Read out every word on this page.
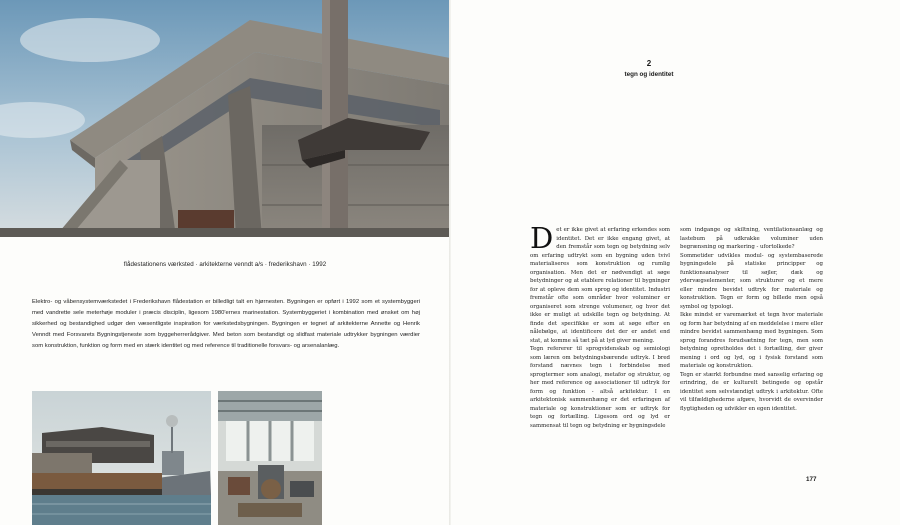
flådestationens værksted · arkitekterne venndt a/s · frederikshavn · 1992
Elektro- og våbensystemværkstedet i Frederikshavn flådestation er billedligt talt en hjørnesten. Bygningen er opført i 1992 som et systembyggeri med vandrette sele meterhøje moduler i præcis disciplin, ligesom 1980'ernes marinestation. Systembyggeriet i kombination med ønsket om høj sikkerhed og bestandighed udgør den væsentligste inspiration for værkstedsbygningen. Bygningen er tegnet af arkitekterne Annette og Henrik Venndt med Forsvarets Bygningstjeneste som byggeherrerådgiver. Med beton som bestandigt og slidfast materiale udtrykker bygningen værdier som konstruktion, funktion og form med en stærk identitet og med reference til traditionelle forsvars- og arsenalanlæg.
2
tegn og identitet
D et er ikke givet at erfaring erkendes som identitet. Det er ikke engang givet, at den fremstår som tegn og betydning selv om erfaring udtrykt som en bygning uden tvivl materialiseres som konstruktion og rumlig organisation. Men det er nødvendigt at søge betydninger og at etablere relationer til bygninger for at opleve dem som sprog og identitet. Industri fremstår ofte som områder hvor voluminer er organiseret som strenge volumener, og hvor det ikke er muligt at udskille tegn og betydning. At finde det specifikke er som at søge efter en nålebølge, at identificere det der er andet end stat, at komme så tæt på at lyd giver mening.

Tegn refererer til sprogvidenskab og semiologi som læren om betydningsbærende udtryk. I bred forstand nævnes tegn i forbindelse med sprogtermer som analogi, metafor og struktur, og her med reference og associationer til udtryk for form og funktion - altså arkitektur. I en arkitektonisk sammenhæng er det erfaringen af materiale og konstruktioner som er udtryk for tegn og fortælling. Ligesom ord og lyd er sammensat til tegn og betydning er bygningsdele

som indgange og skiltning, ventilationsanlæg og lastebum på udkrakke voluminer uden begrænsning og markering - ufortolkede?

Sommetider udvikles modul- og systembaserede bygningsdele på statiske principper og funktionsanalyser til søjler, dæk og ydervægselementer, som strukturer og et mere eller mindre bevidst udtryk for materiale og konstruktion. Tegn er form og billede men også symbol og typologi.

Ikke mindst er varemærket et tegn hvor materiale og form har betydning af en meddelelse i mere eller mindre bevidst sammenhæng med bygningen. Som sprog forandres forudsætning for tegn, men som betydning opretholdes det i fortælling, der giver mening i ord og lyd, og i fysisk forstand som materiale og konstruktion.

Tegn er stærkt forbundne med sanselig erfaring og erindring, de er kulturelt betingede og opstår identitet som selvstændigt udtryk i arkitektur. Ofte vil tilfældighederne afgøre, hvorvidt de overvinder flygtigheden og udvikler en egen identitet.

177
